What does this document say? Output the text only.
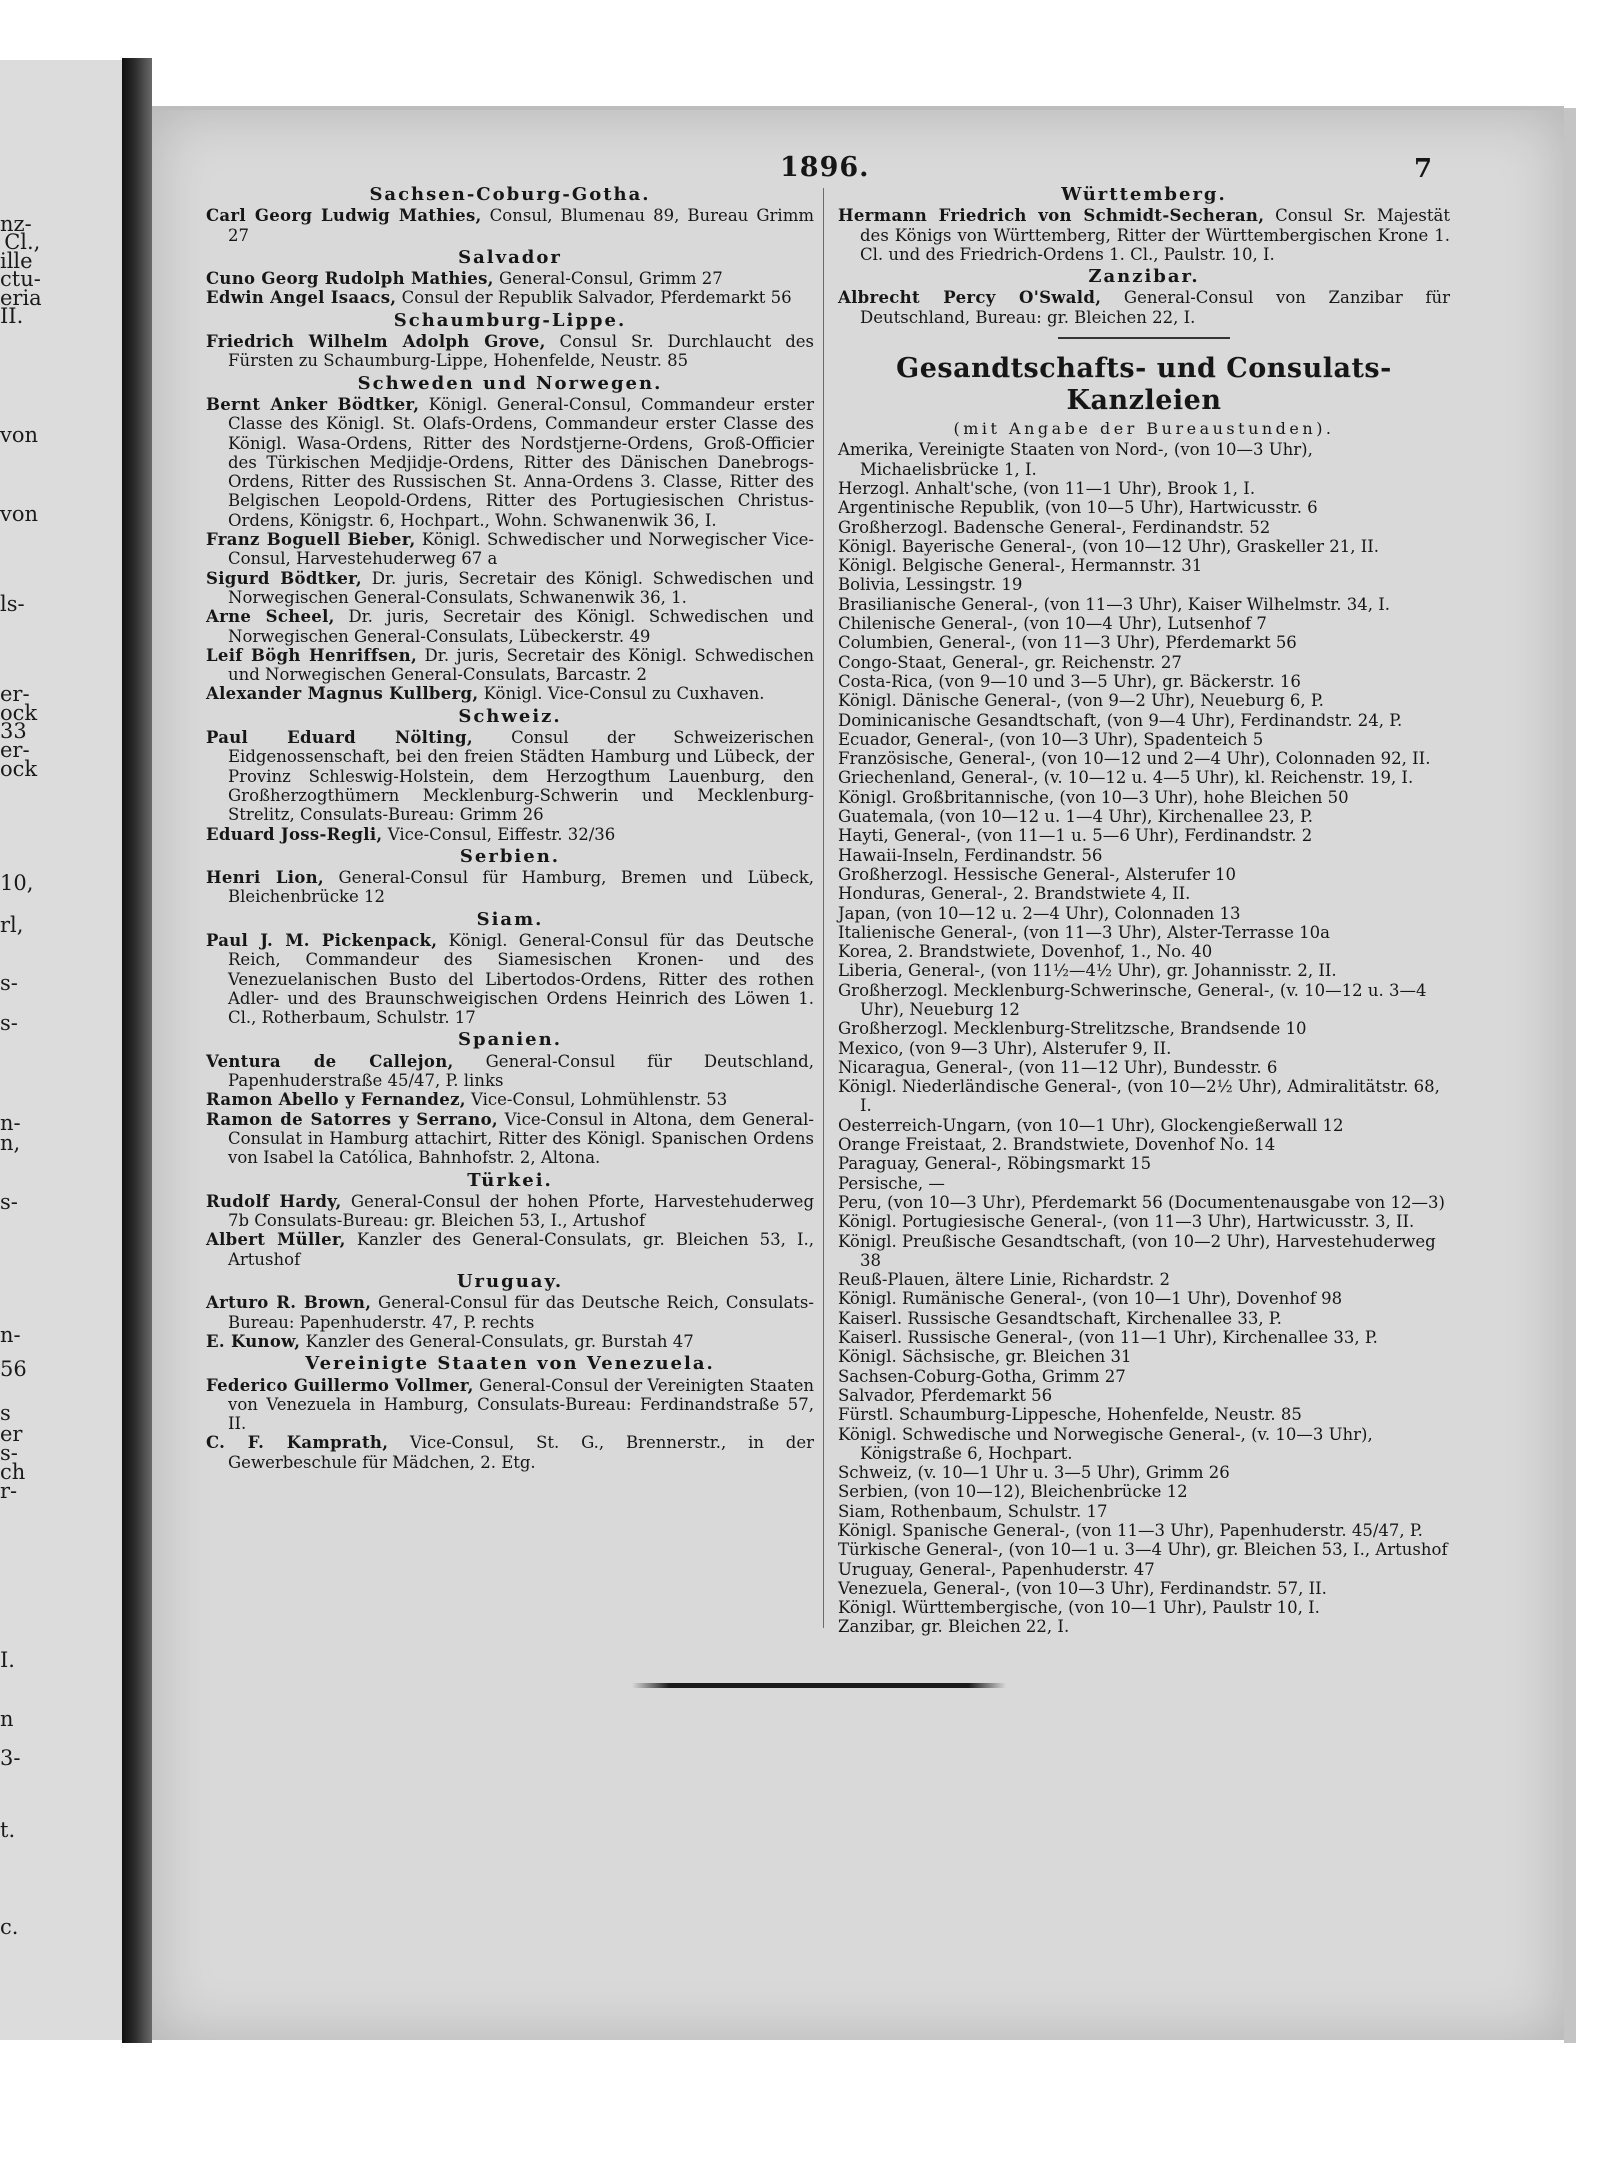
nz-
 Cl.,
ille
ctu-
eria
II.
von
von
ls-
er-
ock
33
er-
ock
10,
rl,
s-
s-
n-
n,
s-
n-
56
s
er
s-
ch
r-
I.
n
3-
t.
c.
1896.	7
Sachsen-Coburg-Gotha.

Carl Georg Ludwig Mathies, Consul, Blumenau 89, Bureau Grimm 27

Salvador

Cuno Georg Rudolph Mathies, General-Consul, Grimm 27

Edwin Angel Isaacs, Consul der Republik Salvador, Pferdemarkt 56

Schaumburg-Lippe.

Friedrich Wilhelm Adolph Grove, Consul Sr. Durchlaucht des Fürsten zu Schaumburg-Lippe, Hohenfelde, Neustr. 85

Schweden und Norwegen.

Bernt Anker Bödtker, Königl. General-Consul, Commandeur erster Classe des Königl. St. Olafs-Ordens, Commandeur erster Classe des Königl. Wasa-Ordens, Ritter des Nordstjerne-Ordens, Groß-Officier des Türkischen Medjidje-Ordens, Ritter des Dänischen Danebrogs-Ordens, Ritter des Russischen St. Anna-Ordens 3. Classe, Ritter des Belgischen Leopold-Ordens, Ritter des Portugiesischen Christus-Ordens, Königstr. 6, Hochpart., Wohn. Schwanenwik 36, I.

Franz Boguell Bieber, Königl. Schwedischer und Norwegischer Vice-Consul, Harvestehuderweg 67 a

Sigurd Bödtker, Dr. juris, Secretair des Königl. Schwedischen und Norwegischen General-Consulats, Schwanenwik 36, 1.

Arne Scheel, Dr. juris, Secretair des Königl. Schwedischen und Norwegischen General-Consulats, Lübeckerstr. 49

Leif Bögh Henriffsen, Dr. juris, Secretair des Königl. Schwedischen und Norwegischen General-Consulats, Barcastr. 2

Alexander Magnus Kullberg, Königl. Vice-Consul zu Cuxhaven.

Schweiz.

Paul Eduard Nölting, Consul der Schweizerischen Eidgenossenschaft, bei den freien Städten Hamburg und Lübeck, der Provinz Schleswig-Holstein, dem Herzogthum Lauenburg, den Großherzogthümern Mecklenburg-Schwerin und Mecklenburg-Strelitz, Consulats-Bureau: Grimm 26

Eduard Joss-Regli, Vice-Consul, Eiffestr. 32/36

Serbien.

Henri Lion, General-Consul für Hamburg, Bremen und Lübeck, Bleichenbrücke 12

Siam.

Paul J. M. Pickenpack, Königl. General-Consul für das Deutsche Reich, Commandeur des Siamesischen Kronen- und des Venezuelanischen Busto del Libertodos-Ordens, Ritter des rothen Adler- und des Braunschweigischen Ordens Heinrich des Löwen 1. Cl., Rotherbaum, Schulstr. 17

Spanien.

Ventura de Callejon, General-Consul für Deutschland, Papenhuderstraße 45/47, P. links

Ramon Abello y Fernandez, Vice-Consul, Lohmühlenstr. 53

Ramon de Satorres y Serrano, Vice-Consul in Altona, dem General-Consulat in Hamburg attachirt, Ritter des Königl. Spanischen Ordens von Isabel la Católica, Bahnhofstr. 2, Altona.

Türkei.

Rudolf Hardy, General-Consul der hohen Pforte, Harvestehuderweg 7b Consulats-Bureau: gr. Bleichen 53, I., Artushof

Albert Müller, Kanzler des General-Consulats, gr. Bleichen 53, I., Artushof

Uruguay.

Arturo R. Brown, General-Consul für das Deutsche Reich, Consulats-Bureau: Papenhuderstr. 47, P. rechts

E. Kunow, Kanzler des General-Consulats, gr. Burstah 47

Vereinigte Staaten von Venezuela.

Federico Guillermo Vollmer, General-Consul der Vereinigten Staaten von Venezuela in Hamburg, Consulats-Bureau: Ferdinandstraße 57, II.

C. F. Kamprath, Vice-Consul, St. G., Brennerstr., in der Gewerbeschule für Mädchen, 2. Etg.

Württemberg.

Hermann Friedrich von Schmidt-Secheran, Consul Sr. Majestät des Königs von Württemberg, Ritter der Württembergischen Krone 1. Cl. und des Friedrich-Ordens 1. Cl., Paulstr. 10, I.

Zanzibar.

Albrecht Percy O'Swald, General-Consul von Zanzibar für Deutschland, Bureau: gr. Bleichen 22, I.

Gesandtschafts- und Consulats-Kanzleien
(mit Angabe der Bureaustunden).

Amerika, Vereinigte Staaten von Nord-, (von 10—3 Uhr), Michaelisbrücke 1, I.

Herzogl. Anhalt'sche, (von 11—1 Uhr), Brook 1, I.

Argentinische Republik, (von 10—5 Uhr), Hartwicusstr. 6

Großherzogl. Badensche General-, Ferdinandstr. 52

Königl. Bayerische General-, (von 10—12 Uhr), Graskeller 21, II.

Königl. Belgische General-, Hermannstr. 31

Bolivia, Lessingstr. 19

Brasilianische General-, (von 11—3 Uhr), Kaiser Wilhelmstr. 34, I.

Chilenische General-, (von 10—4 Uhr), Lutsenhof 7

Columbien, General-, (von 11—3 Uhr), Pferdemarkt 56

Congo-Staat, General-, gr. Reichenstr. 27

Costa-Rica, (von 9—10 und 3—5 Uhr), gr. Bäckerstr. 16

Königl. Dänische General-, (von 9—2 Uhr), Neueburg 6, P.

Dominicanische Gesandtschaft, (von 9—4 Uhr), Ferdinandstr. 24, P.

Ecuador, General-, (von 10—3 Uhr), Spadenteich 5

Französische, General-, (von 10—12 und 2—4 Uhr), Colonnaden 92, II.

Griechenland, General-, (v. 10—12 u. 4—5 Uhr), kl. Reichenstr. 19, I.

Königl. Großbritannische, (von 10—3 Uhr), hohe Bleichen 50

Guatemala, (von 10—12 u. 1—4 Uhr), Kirchenallee 23, P.

Hayti, General-, (von 11—1 u. 5—6 Uhr), Ferdinandstr. 2

Hawaii-Inseln, Ferdinandstr. 56

Großherzogl. Hessische General-, Alsterufer 10

Honduras, General-, 2. Brandstwiete 4, II.

Japan, (von 10—12 u. 2—4 Uhr), Colonnaden 13

Italienische General-, (von 11—3 Uhr), Alster-Terrasse 10a

Korea, 2. Brandstwiete, Dovenhof, 1., No. 40

Liberia, General-, (von 11½—4½ Uhr), gr. Johannisstr. 2, II.

Großherzogl. Mecklenburg-Schwerinsche, General-, (v. 10—12 u. 3—4 Uhr), Neueburg 12

Großherzogl. Mecklenburg-Strelitzsche, Brandsende 10

Mexico, (von 9—3 Uhr), Alsterufer 9, II.

Nicaragua, General-, (von 11—12 Uhr), Bundesstr. 6

Königl. Niederländische General-, (von 10—2½ Uhr), Admiralitätstr. 68, I.

Oesterreich-Ungarn, (von 10—1 Uhr), Glockengießerwall 12

Orange Freistaat, 2. Brandstwiete, Dovenhof No. 14

Paraguay, General-, Röbingsmarkt 15

Persische, —

Peru, (von 10—3 Uhr), Pferdemarkt 56 (Documentenausgabe von 12—3)

Königl. Portugiesische General-, (von 11—3 Uhr), Hartwicusstr. 3, II.

Königl. Preußische Gesandtschaft, (von 10—2 Uhr), Harvestehuderweg 38

Reuß-Plauen, ältere Linie, Richardstr. 2

Königl. Rumänische General-, (von 10—1 Uhr), Dovenhof 98

Kaiserl. Russische Gesandtschaft, Kirchenallee 33, P.

Kaiserl. Russische General-, (von 11—1 Uhr), Kirchenallee 33, P.

Königl. Sächsische, gr. Bleichen 31

Sachsen-Coburg-Gotha, Grimm 27

Salvador, Pferdemarkt 56

Fürstl. Schaumburg-Lippesche, Hohenfelde, Neustr. 85

Königl. Schwedische und Norwegische General-, (v. 10—3 Uhr), Königstraße 6, Hochpart.

Schweiz, (v. 10—1 Uhr u. 3—5 Uhr), Grimm 26

Serbien, (von 10—12), Bleichenbrücke 12

Siam, Rothenbaum, Schulstr. 17

Königl. Spanische General-, (von 11—3 Uhr), Papenhuderstr. 45/47, P.

Türkische General-, (von 10—1 u. 3—4 Uhr), gr. Bleichen 53, I., Artushof

Uruguay, General-, Papenhuderstr. 47

Venezuela, General-, (von 10—3 Uhr), Ferdinandstr. 57, II.

Königl. Württembergische, (von 10—1 Uhr), Paulstr 10, I.

Zanzibar, gr. Bleichen 22, I.
